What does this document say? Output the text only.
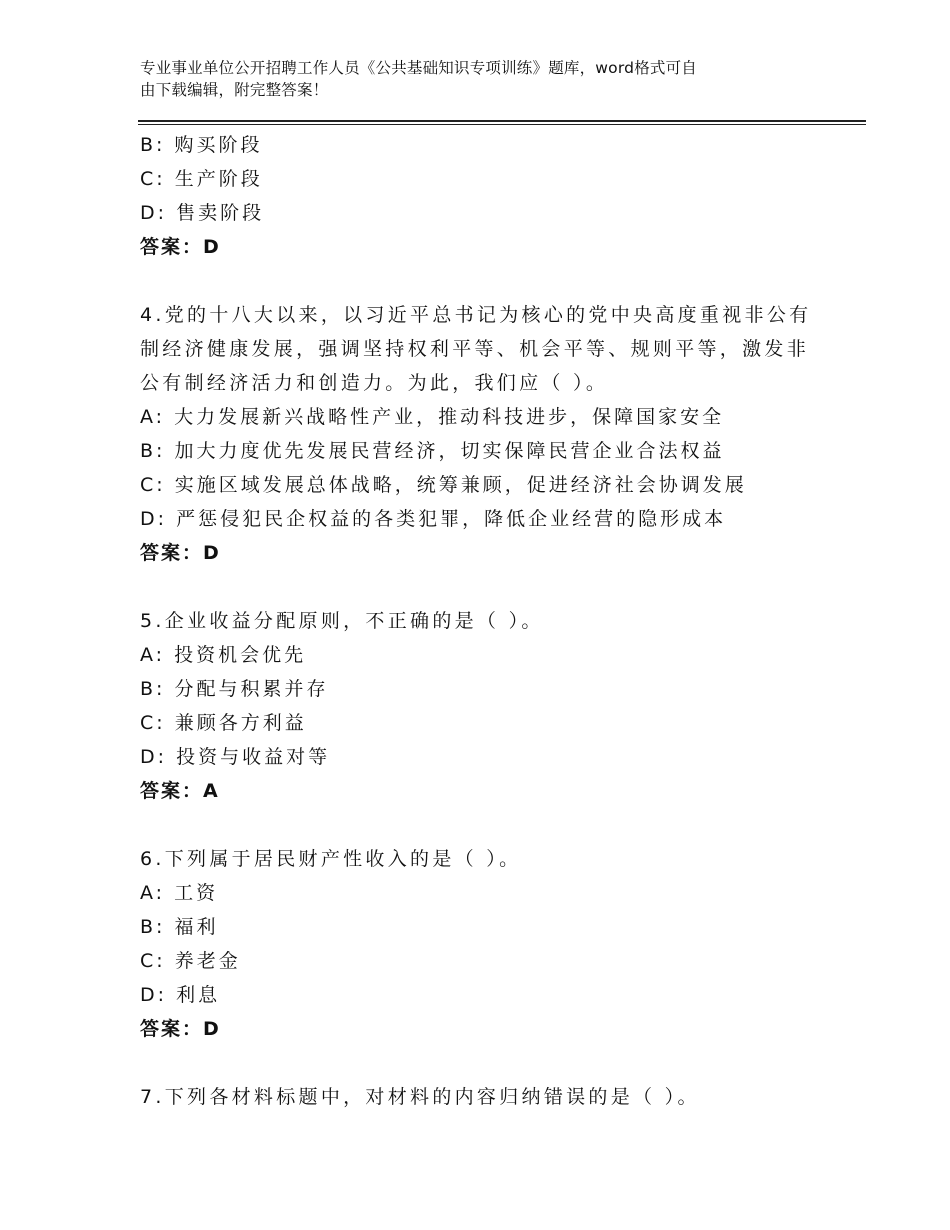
专业事业单位公开招聘工作人员《公共基础知识专项训练》题库，word格式可自
由下载编辑，附完整答案！
B: 购买阶段
C: 生产阶段
D: 售卖阶段
答案：D
4.党的十八大以来，以习近平总书记为核心的党中央高度重视非公有
制经济健康发展，强调坚持权利平等、机会平等、规则平等，激发非
公有制经济活力和创造力。为此，我们应（ ）。
A: 大力发展新兴战略性产业，推动科技进步，保障国家安全
B: 加大力度优先发展民营经济，切实保障民营企业合法权益
C: 实施区域发展总体战略，统筹兼顾，促进经济社会协调发展
D: 严惩侵犯民企权益的各类犯罪，降低企业经营的隐形成本
答案：D
5.企业收益分配原则，不正确的是（ ）。
A: 投资机会优先
B: 分配与积累并存
C: 兼顾各方利益
D: 投资与收益对等
答案：A
6.下列属于居民财产性收入的是（ ）。
A: 工资
B: 福利
C: 养老金
D: 利息
答案：D
7.下列各材料标题中，对材料的内容归纳错误的是（ ）。
